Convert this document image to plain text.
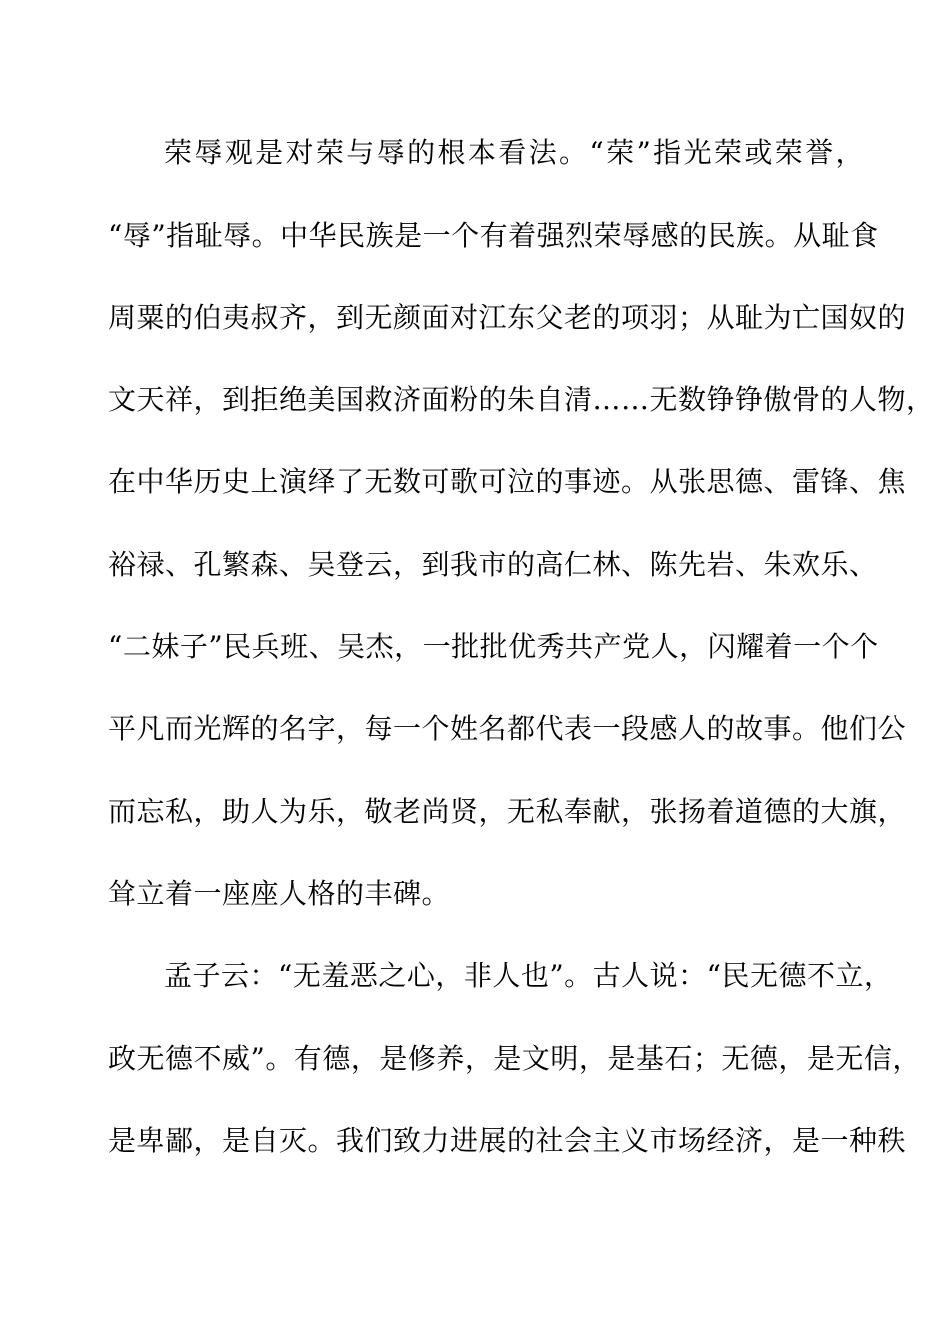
荣辱观是对荣与辱的根本看法。“荣”指光荣或荣誉，
“辱”指耻辱。中华民族是一个有着强烈荣辱感的民族。从耻食
周粟的伯夷叔齐，到无颜面对江东父老的项羽；从耻为亡国奴的
文天祥，到拒绝美国救济面粉的朱自清……无数铮铮傲骨的人物，
在中华历史上演绎了无数可歌可泣的事迹。从张思德、雷锋、焦
裕禄、孔繁森、吴登云，到我市的高仁林、陈先岩、朱欢乐、
“二妹子”民兵班、吴杰，一批批优秀共产党人，闪耀着一个个
平凡而光辉的名字，每一个姓名都代表一段感人的故事。他们公
而忘私，助人为乐，敬老尚贤，无私奉献，张扬着道德的大旗，
耸立着一座座人格的丰碑。
孟子云：“无羞恶之心，非人也”。古人说：“民无德不立，
政无德不威”。有德，是修养，是文明，是基石；无德，是无信，
是卑鄙，是自灭。我们致力进展的社会主义市场经济，是一种秩
